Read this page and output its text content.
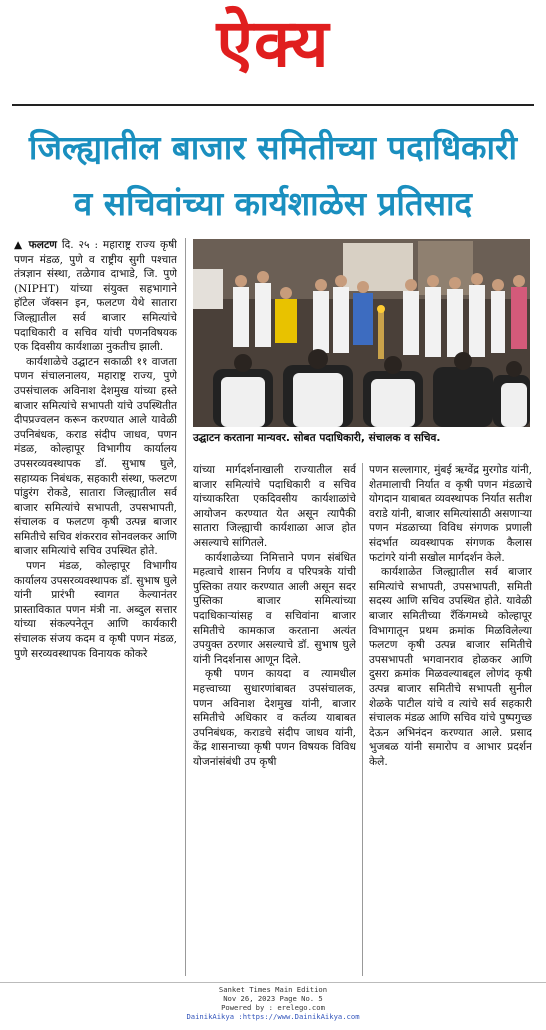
ऐक्य
जिल्ह्यातील बाजार समितीच्या पदाधिकारी
व सचिवांच्या कार्यशाळेस प्रतिसाद

▲ फलटण दि. २५ : महाराष्ट्र राज्य कृषी पणन मंडळ, पुणे व राष्ट्रीय सुगी पश्चात तंत्रज्ञान संस्था, तळेगाव दाभाडे, जि. पुणे (NIPHT) यांच्या संयुक्त सहभागाने हॉटेल जॅक्सन इन, फलटण येथे सातारा जिल्ह्यातील सर्व बाजार समित्यांचे पदाधिकारी व सचिव यांची पणनविषयक एक दिवसीय कार्यशाळा नुकतीच झाली.

कार्यशाळेचे उद्घाटन सकाळी ११ वाजता पणन संचालनालय, महाराष्ट्र राज्य, पुणे उपसंचालक अविनाश देशमुख यांच्या हस्ते बाजार समित्यांचे सभापती यांचे उपस्थितीत दीपप्रज्वलन करून करण्यात आले यावेळी उपनिबंधक, कराड संदीप जाधव, पणन मंडळ, कोल्हापूर विभागीय कार्यालय उपसरव्यवस्थापक डॉ. सुभाष घुले, सहाय्यक निबंधक, सहकारी संस्था, फलटण पांडुरंग रोकडे, सातारा जिल्ह्यातील सर्व बाजार समित्यांचे सभापती, उपसभापती, संचालक व फलटण कृषी उत्पन्न बाजार समितीचे सचिव शंकरराव सोनवलकर आणि बाजार समित्यांचे सचिव उपस्थित होते.

पणन मंडळ, कोल्हापूर विभागीय कार्यालय उपसरव्यवस्थापक डॉ. सुभाष घुले यांनी प्रारंभी स्वागत केल्यानंतर प्रास्ताविकात पणन मंत्री ना. अब्दुल सत्तार यांच्या संकल्पनेतून आणि कार्यकारी संचालक संजय कदम व कृषी पणन मंडळ, पुणे सरव्यवस्थापक विनायक कोकरे

उद्घाटन करताना मान्यवर. सोबत पदाधिकारी, संचालक व सचिव.

यांच्या मार्गदर्शनाखाली राज्यातील सर्व बाजार समित्यांचे पदाधिकारी व सचिव यांच्याकरिता एकदिवसीय कार्यशाळांचे आयोजन करण्यात येत असून त्यापैकी सातारा जिल्ह्याची कार्यशाळा आज होत असल्याचे सांगितले.

कार्यशाळेच्या निमित्ताने पणन संबंधित महत्वाचे शासन निर्णय व परिपत्रके यांची पुस्तिका तयार करण्यात आली असून सदर पुस्तिका बाजार समित्यांच्या पदाधिकाऱ्यांसह व सचिवांना बाजार समितीचे कामकाज करताना अत्यंत उपयुक्त ठरणार असल्याचे डॉ. सुभाष घुले यांनी निदर्शनास आणून दिले.

कृषी पणन कायदा व त्यामधील महत्त्वाच्या सुधारणांबाबत उपसंचालक, पणन अविनाश देशमुख यांनी, बाजार समितीचे अधिकार व कर्तव्य याबाबत उपनिबंधक, कराडचे संदीप जाधव यांनी, केंद्र शासनाच्या कृषी पणन विषयक विविध योजनांसंबंधी उप कृषी

पणन सल्लागार, मुंबई ऋग्वेंद्र मुरगोड यांनी, शेतमालाची निर्यात व कृषी पणन मंडळाचे योगदान याबाबत व्यवस्थापक निर्यात सतीश वराडे यांनी, बाजार समित्यांसाठी असणाऱ्या पणन मंडळाच्या विविध संगणक प्रणाली संदर्भात व्यवस्थापक संगणक कैलास फटांगरे यांनी सखोल मार्गदर्शन केले.

कार्यशाळेत जिल्ह्यातील सर्व बाजार समित्यांचे सभापती, उपसभापती, समिती सदस्य आणि सचिव उपस्थित होते. यावेळी बाजार समितीच्या रँकिंगमध्ये कोल्हापूर विभागातून प्रथम क्रमांक मिळविलेल्या फलटण कृषी उत्पन्न बाजार समितीचे उपसभापती भगवानराव होळकर आणि दुसरा क्रमांक मिळवल्याबद्दल लोणंद कृषी उत्पन्न बाजार समितीचे सभापती सुनील शेळके पाटील यांचे व त्यांचे सर्व सहकारी संचालक मंडळ आणि सचिव यांचे पुष्पगुच्छ देऊन अभिनंदन करण्यात आले. प्रसाद भुजबळ यांनी समारोप व आभार प्रदर्शन केले.

Sanket Times Main Edition
Nov 26, 2023 Page No. 5
Powered by : erelego.com
DainikAikya :https://www.DainikAikya.com
